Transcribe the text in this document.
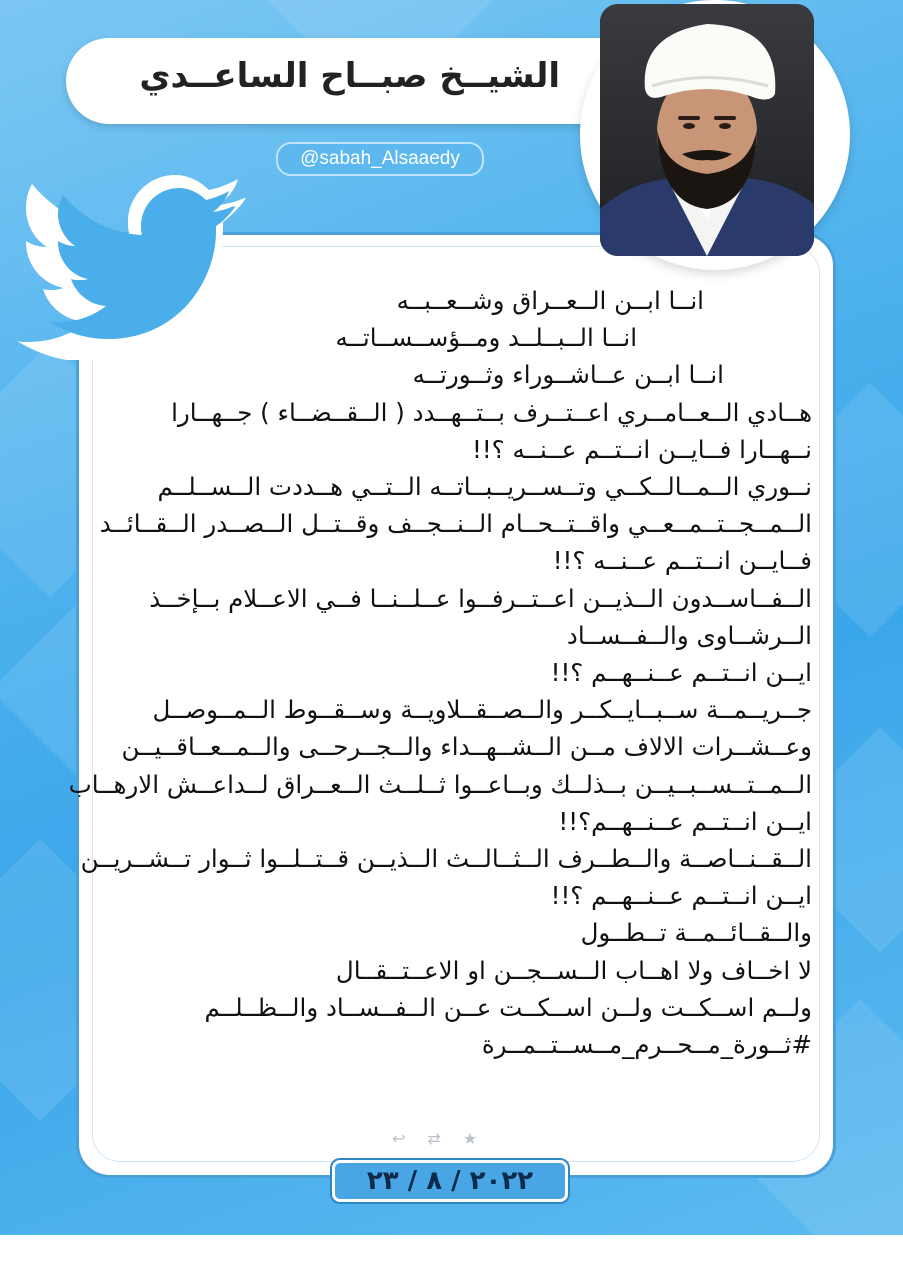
الشيــخ صبــاح الساعــدي
@sabah_Alsaaedy
انــا ابــن الــعــراق وشــعــبــه
انــا الــبــلــد ومــؤســســاتــه
انــا ابــن عــاشــوراء وثــورتــه
هــادي الــعــامــري اعــتــرف بــتــهــدد ( الــقــضــاء ) جــهــارا
نــهــارا فــايــن انــتــم عــنــه ؟!!
نــوري الــمــالــكــي وتــســريــبــاتــه الــتــي هــددت الــســلــم
الــمــجــتــمــعــي واقــتــحــام الــنــجــف وقــتــل الــصــدر الــقــائــد
فــايــن انــتــم عــنــه ؟!!
الــفــاســدون الــذيــن اعــتــرفــوا عــلــنــا فــي الاعــلام بــإخــذ
الــرشــاوى والــفــســاد
ايــن انــتــم عــنــهــم ؟!!
جــريــمــة ســبــايــكــر والــصــقــلاويــة وســقــوط الــمــوصــل
وعــشــرات الالاف مــن الــشــهــداء والــجــرحــى والــمــعــاقــيــن
الــمــتــســبــيــن بــذلــك وبــاعــوا ثــلــث الــعــراق لــداعــش الارهــاب
ايــن انــتــم عــنــهــم؟!!
الــقــنــاصــة والــطــرف الــثــالــث الــذيــن قــتــلــوا ثــوار تــشــريــن
ايــن انــتــم عــنــهــم ؟!!
والــقــائــمــة تــطــول
لا اخــاف ولا اهــاب الــســجــن او الاعــتــقــال
ولــم اســكــت ولــن اســكــت عــن الــفــســاد والــظــلــم
#ثــورة_مــحــرم_مــســتــمــرة
↩ ⇄ ★
٢٠٢٢ / ٨ / ٢٣
